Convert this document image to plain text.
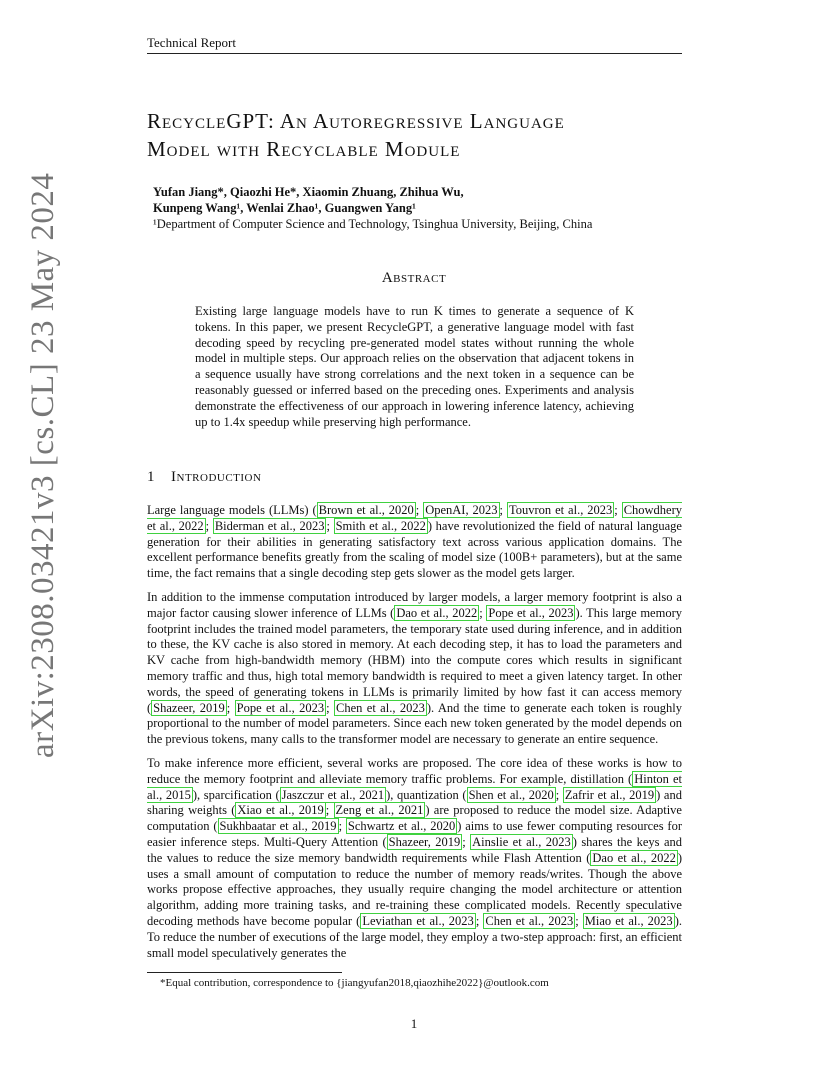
Technical Report
arXiv:2308.03421v3 [cs.CL] 23 May 2024
RecycleGPT: An Autoregressive Language
Model with Recyclable Module
Yufan Jiang*, Qiaozhi He*, Xiaomin Zhuang, Zhihua Wu,
Kunpeng Wang¹, Wenlai Zhao¹, Guangwen Yang¹
¹Department of Computer Science and Technology, Tsinghua University, Beijing, China
Abstract
Existing large language models have to run K times to generate a sequence of K tokens. In this paper, we present RecycleGPT, a generative language model with fast decoding speed by recycling pre-generated model states without running the whole model in multiple steps. Our approach relies on the observation that adjacent tokens in a sequence usually have strong correlations and the next token in a sequence can be reasonably guessed or inferred based on the preceding ones. Experiments and analysis demonstrate the effectiveness of our approach in lowering inference latency, achieving up to 1.4x speedup while preserving high performance.
1 Introduction

Large language models (LLMs) ( Brown et al., 2020 ; OpenAI, 2023 ; Touvron et al., 2023 ; Chowdhery et al., 2022 ; Biderman et al., 2023 ; Smith et al., 2022 ) have revolutionized the field of natural language generation for their abilities in generating satisfactory text across various application domains. The excellent performance benefits greatly from the scaling of model size (100B+ parameters), but at the same time, the fact remains that a single decoding step gets slower as the model gets larger.

In addition to the immense computation introduced by larger models, a larger memory footprint is also a major factor causing slower inference of LLMs ( Dao et al., 2022 ; Pope et al., 2023 ). This large memory footprint includes the trained model parameters, the temporary state used during inference, and in addition to these, the KV cache is also stored in memory. At each decoding step, it has to load the parameters and KV cache from high-bandwidth memory (HBM) into the compute cores which results in significant memory traffic and thus, high total memory bandwidth is required to meet a given latency target. In other words, the speed of generating tokens in LLMs is primarily limited by how fast it can access memory ( Shazeer, 2019 ; Pope et al., 2023 ; Chen et al., 2023 ). And the time to generate each token is roughly proportional to the number of model parameters. Since each new token generated by the model depends on the previous tokens, many calls to the transformer model are necessary to generate an entire sequence.

To make inference more efficient, several works are proposed. The core idea of these works is how to reduce the memory footprint and alleviate memory traffic problems. For example, distillation ( Hinton et al., 2015 ), sparcification ( Jaszczur et al., 2021 ), quantization ( Shen et al., 2020 ; Zafrir et al., 2019 ) and sharing weights ( Xiao et al., 2019 ; Zeng et al., 2021 ) are proposed to reduce the model size. Adaptive computation ( Sukhbaatar et al., 2019 ; Schwartz et al., 2020 ) aims to use fewer computing resources for easier inference steps. Multi-Query Attention ( Shazeer, 2019 ; Ainslie et al., 2023 ) shares the keys and the values to reduce the size memory bandwidth requirements while Flash Attention ( Dao et al., 2022 ) uses a small amount of computation to reduce the number of memory reads/writes. Though the above works propose effective approaches, they usually require changing the model architecture or attention algorithm, adding more training tasks, and re-training these complicated models. Recently speculative decoding methods have become popular ( Leviathan et al., 2023 ; Chen et al., 2023 ; Miao et al., 2023 ). To reduce the number of executions of the large model, they employ a two-step approach: first, an efficient small model speculatively generates the

*Equal contribution, correspondence to {jiangyufan2018,qiaozhihe2022}@outlook.com
1
